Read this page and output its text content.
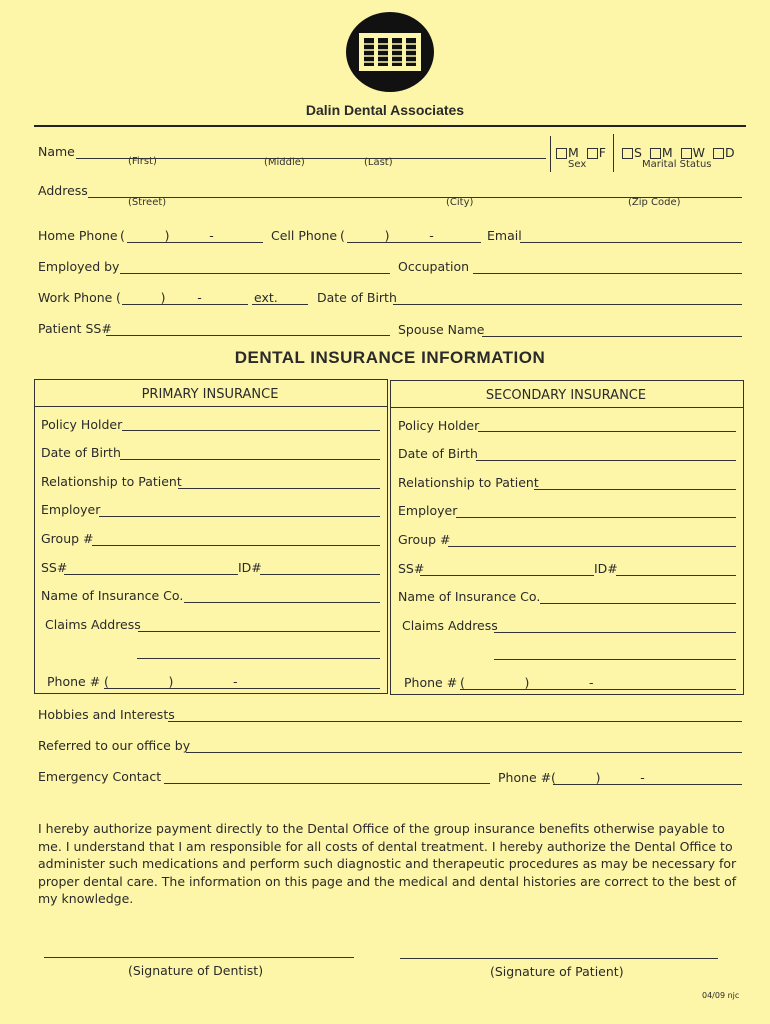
Dalin Dental Associates
Name
(First)	(Middle)	(Last)
M F
Sex
S M W D
Marital Status
Address
(Street)	(City)	(Zip Code)
Home Phone (          )          -	Cell Phone (          )          -	Email
Employed by	Occupation
Work Phone (          )        -	ext.	Date of Birth
Patient SS#	Spouse Name
DENTAL INSURANCE INFORMATION
PRIMARY INSURANCE
Policy Holder
Date of Birth
Relationship to Patient
Employer
Group #
SS#	ID#
Name of Insurance Co.
Claims Address
Phone # (               )               -
SECONDARY INSURANCE
Policy Holder
Date of Birth
Relationship to Patient
Employer
Group #
SS#	ID#
Name of Insurance Co.
Claims Address
Phone # (               )               -
Hobbies and Interests
Referred to our office by
Emergency Contact	Phone # (          )          -
I hereby authorize payment directly to the Dental Office of the group insurance benefits otherwise payable to me. I understand that I am responsible for all costs of dental treatment. I hereby authorize the Dental Office to administer such medications and perform such diagnostic and therapeutic procedures as may be necessary for proper dental care. The information on this page and the medical and dental histories are correct to the best of my knowledge.
(Signature of Dentist)	(Signature of Patient)
04/09 njc
